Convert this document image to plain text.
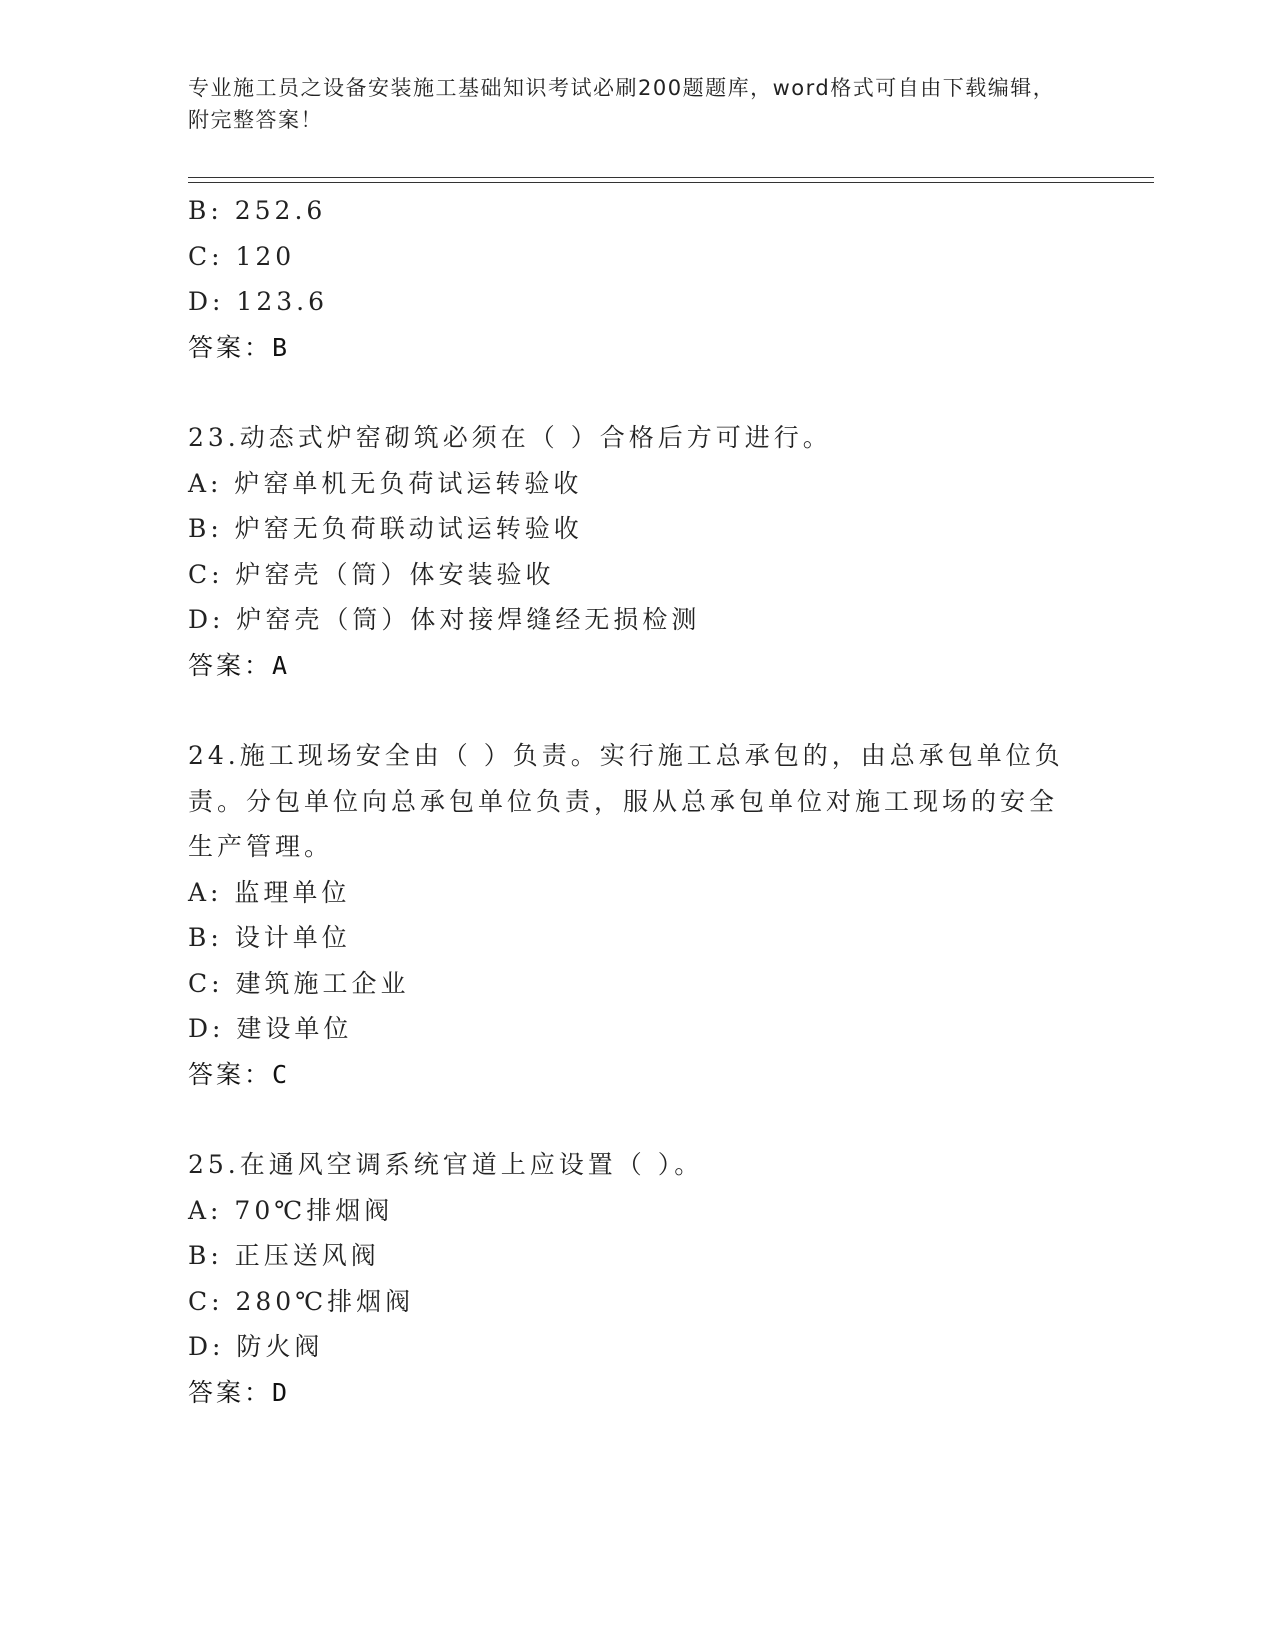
专业施工员之设备安装施工基础知识考试必刷200题题库，word格式可自由下载编辑，附完整答案！
B: 252.6
C: 120
D: 123.6
答案：B
23.动态式炉窑砌筑必须在（ ）合格后方可进行。
A: 炉窑单机无负荷试运转验收
B: 炉窑无负荷联动试运转验收
C: 炉窑壳（筒）体安装验收
D: 炉窑壳（筒）体对接焊缝经无损检测
答案：A
24.施工现场安全由（ ）负责。实行施工总承包的，由总承包单位负责。分包单位向总承包单位负责，服从总承包单位对施工现场的安全生产管理。
A: 监理单位
B: 设计单位
C: 建筑施工企业
D: 建设单位
答案：C
25.在通风空调系统官道上应设置（ ）。
A: 70℃排烟阀
B: 正压送风阀
C: 280℃排烟阀
D: 防火阀
答案：D
